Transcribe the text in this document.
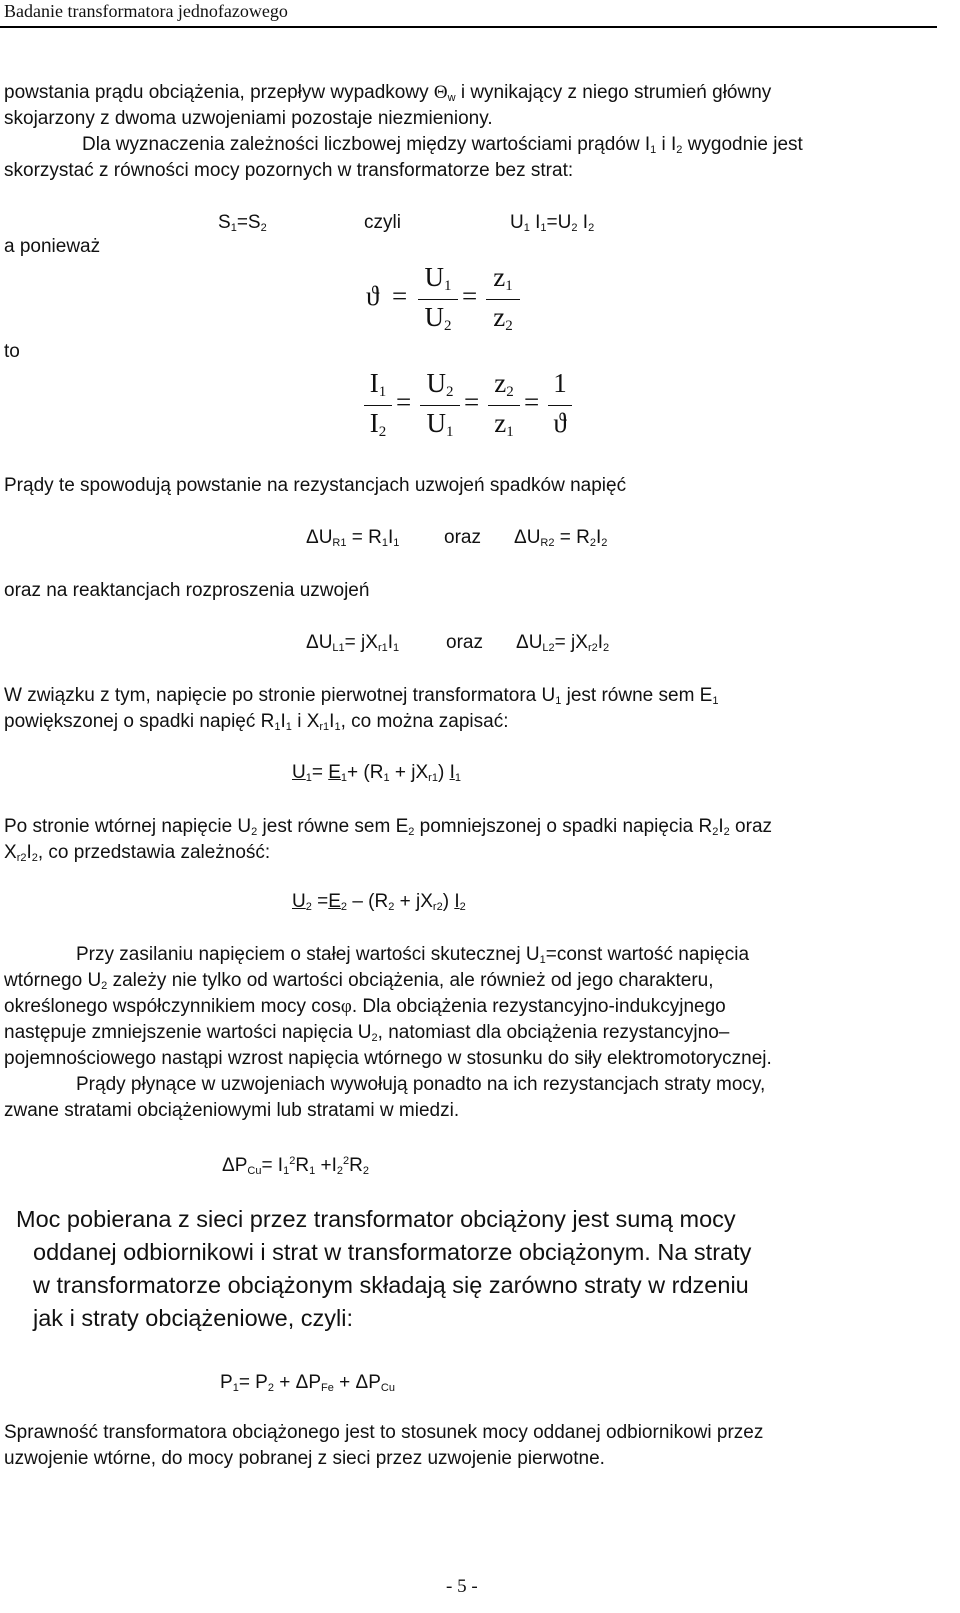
Badanie transformatora jednofazowego
powstania prądu obciążenia, przepływ wypadkowy $\Theta_w$ i wynikający z niego strumień główny
skojarzony z dwoma uzwojeniami pozostaje niezmieniony.
Dla wyznaczenia zależności liczbowej między wartościami prądów $I_1$ i $I_2$ wygodnie jest
skorzystać z równości mocy pozornych w transformatorze bez strat:
$S_1=S_2$	czyli	$U_1$ $I_1=U_2$ $I_2$
a ponieważ
ϑ =
$U_1$
$U_2$
=
$z_1$
$z_2$
to
$I_1$
$I_2$
=
$U_2$
$U_1$
=
$z_2$
$z_1$
=
1
ϑ
Prądy te spowodują powstanie na rezystancjach uzwojeń spadków napięć
$\Delta U_{R1} = R_1I_1$ oraz $\Delta U_{R2} = R_2I_2$
oraz na reaktancjach rozproszenia uzwojeń
$\Delta U_{L1}= jX_{r1}I_1$ oraz $\Delta U_{L2}= jX_{r2}I_2$
W związku z tym, napięcie po stronie pierwotnej transformatora $U_1$ jest równe sem $E_1$
powiększonej o spadki napięć $R_1I_1$ i $X_{r1}I_1$, co można zapisać:
$U_1= E_1+ (R_1 + jX_{r1})$ $I_1$
Po stronie wtórnej napięcie $U_2$ jest równe sem $E_2$ pomniejszonej o spadki napięcia $R_2I_2$ oraz
$X_{r2}I_2$, co przedstawia zależność:
$U_2 =E_2 - (R_2 + jX_{r2})$ $I_2$
Przy zasilaniu napięciem o stałej wartości skutecznej $U_1=const$ wartość napięcia
wtórnego $U_2$ zależy nie tylko od wartości obciążenia, ale również od jego charakteru,
określonego współczynnikiem mocy cosφ. Dla obciążenia rezystancyjno-indukcyjnego
następuje zmniejszenie wartości napięcia $U_2$, natomiast dla obciążenia rezystancyjno–
pojemnościowego nastąpi wzrost napięcia wtórnego w stosunku do siły elektromotorycznej.
Prądy płynące w uzwojeniach wywołują ponadto na ich rezystancjach straty mocy,
zwane stratami obciążeniowymi lub stratami w miedzi.
$\Delta P_{Cu}= I_1^2R_1 +I_2^2R_2$
Moc pobierana z sieci przez transformator obciążony jest sumą mocy
oddanej odbiornikowi i strat w transformatorze obciążonym. Na straty
w transformatorze obciążonym składają się zarówno straty w rdzeniu
jak i straty obciążeniowe, czyli:
$P_1= P_2 + \Delta P_{Fe} + \Delta P_{Cu}$
Sprawność transformatora obciążonego jest to stosunek mocy oddanej odbiornikowi przez
uzwojenie wtórne, do mocy pobranej z sieci przez uzwojenie pierwotne.
- 5 -
